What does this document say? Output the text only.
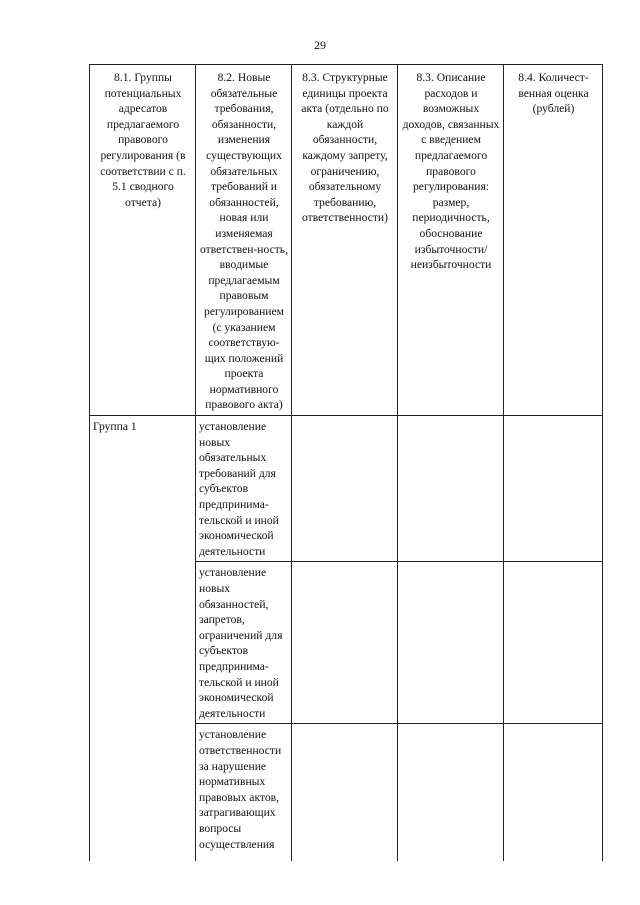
29
8.1. Группы потенциальных адресатов предлагаемого правового регулирования (в соответствии с п. 5.1 сводного отчета)	8.2. Новые обязательные требования, обязанности, изменения существующих обязательных требований и обязанностей, новая или изменяемая ответствен-ность, вводимые предлагаемым правовым регулированием (с указанием соответствую-щих положений проекта нормативного правового акта)	8.3. Структурные единицы проекта акта (отдельно по каждой обязанности, каждому запрету, ограничению, обязательному требованию, ответственности)	8.3. Описание расходов и возможных доходов, связанных с введением предлагаемого правового регулирования: размер, периодичность, обоснование избыточности/ неизбыточности	8.4. Количест-венная оценка (рублей)
Группа 1	установление новых обязательных требований для субъектов предпринима-тельской и иной экономической деятельности			
	установление новых обязанностей, запретов, ограничений для субъектов предпринима-тельской и иной экономической деятельности			
	установление ответственности за нарушение нормативных правовых актов, затрагивающих вопросы осуществления			
